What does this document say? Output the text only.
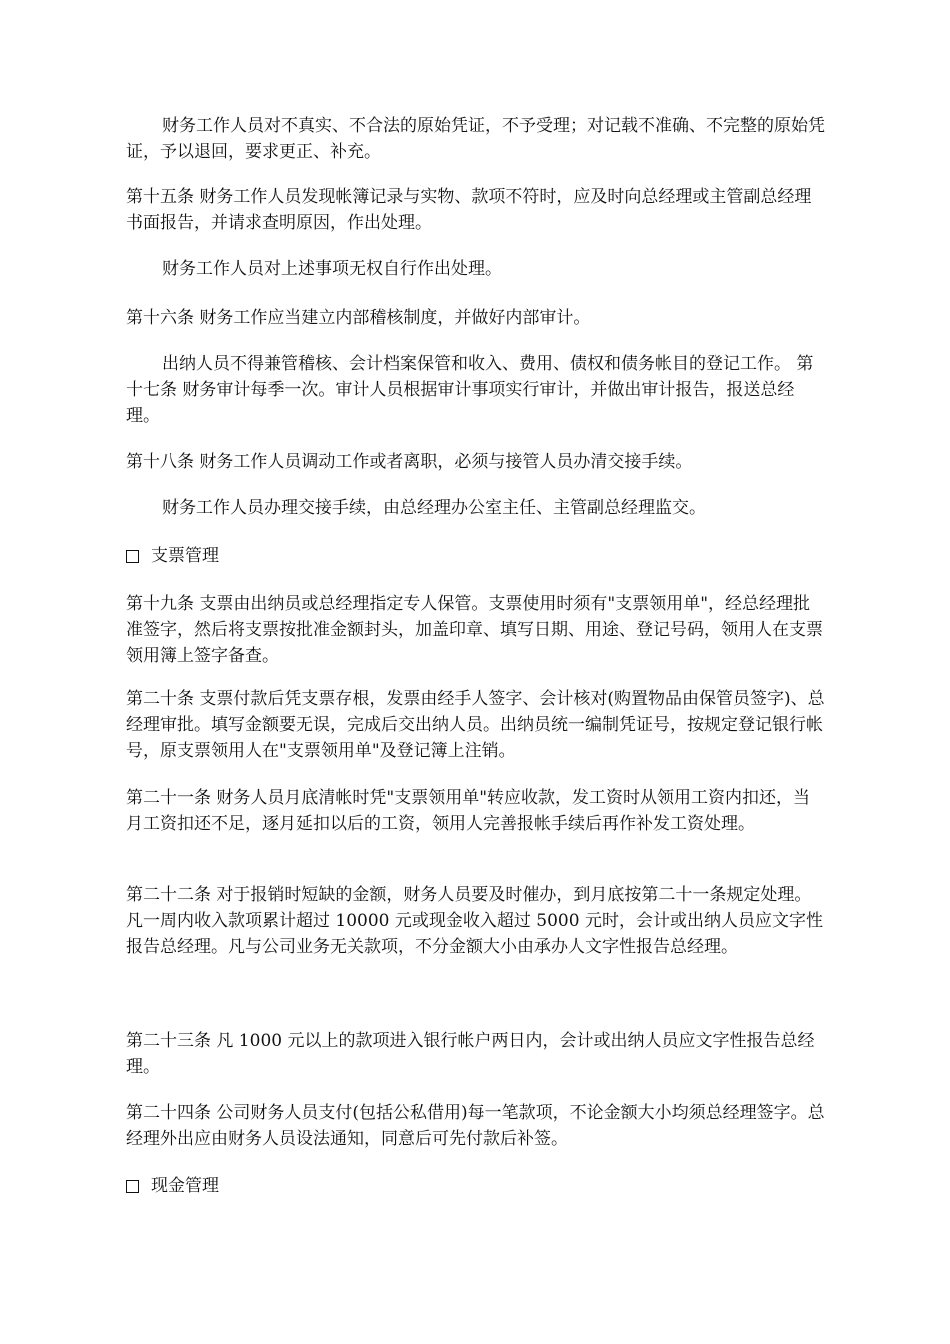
财务工作人员对不真实、不合法的原始凭证，不予受理；对记载不准确、不完整的原始凭证，予以退回，要求更正、补充。

第十五条 财务工作人员发现帐簿记录与实物、款项不符时，应及时向总经理或主管副总经理书面报告，并请求查明原因，作出处理。

财务工作人员对上述事项无权自行作出处理。

第十六条 财务工作应当建立内部稽核制度，并做好内部审计。

出纳人员不得兼管稽核、会计档案保管和收入、费用、债权和债务帐目的登记工作。 第十七条 财务审计每季一次。审计人员根据审计事项实行审计，并做出审计报告，报送总经理。

第十八条 财务工作人员调动工作或者离职，必须与接管人员办清交接手续。

财务工作人员办理交接手续，由总经理办公室主任、主管副总经理监交。

支票管理

第十九条 支票由出纳员或总经理指定专人保管。支票使用时须有"支票领用单"，经总经理批准签字，然后将支票按批准金额封头，加盖印章、填写日期、用途、登记号码，领用人在支票领用簿上签字备查。

第二十条 支票付款后凭支票存根，发票由经手人签字、会计核对(购置物品由保管员签字)、总经理审批。填写金额要无误，完成后交出纳人员。出纳员统一编制凭证号，按规定登记银行帐号，原支票领用人在"支票领用单"及登记簿上注销。

第二十一条 财务人员月底清帐时凭"支票领用单"转应收款，发工资时从领用工资内扣还，当月工资扣还不足，逐月延扣以后的工资，领用人完善报帐手续后再作补发工资处理。

第二十二条 对于报销时短缺的金额，财务人员要及时催办，到月底按第二十一条规定处理。
凡一周内收入款项累计超过 10000 元或现金收入超过 5000 元时，会计或出纳人员应文字性报告总经理。凡与公司业务无关款项，不分金额大小由承办人文字性报告总经理。

第二十三条 凡 1000 元以上的款项进入银行帐户两日内，会计或出纳人员应文字性报告总经理。

第二十四条 公司财务人员支付(包括公私借用)每一笔款项，不论金额大小均须总经理签字。总经理外出应由财务人员设法通知，同意后可先付款后补签。

现金管理
